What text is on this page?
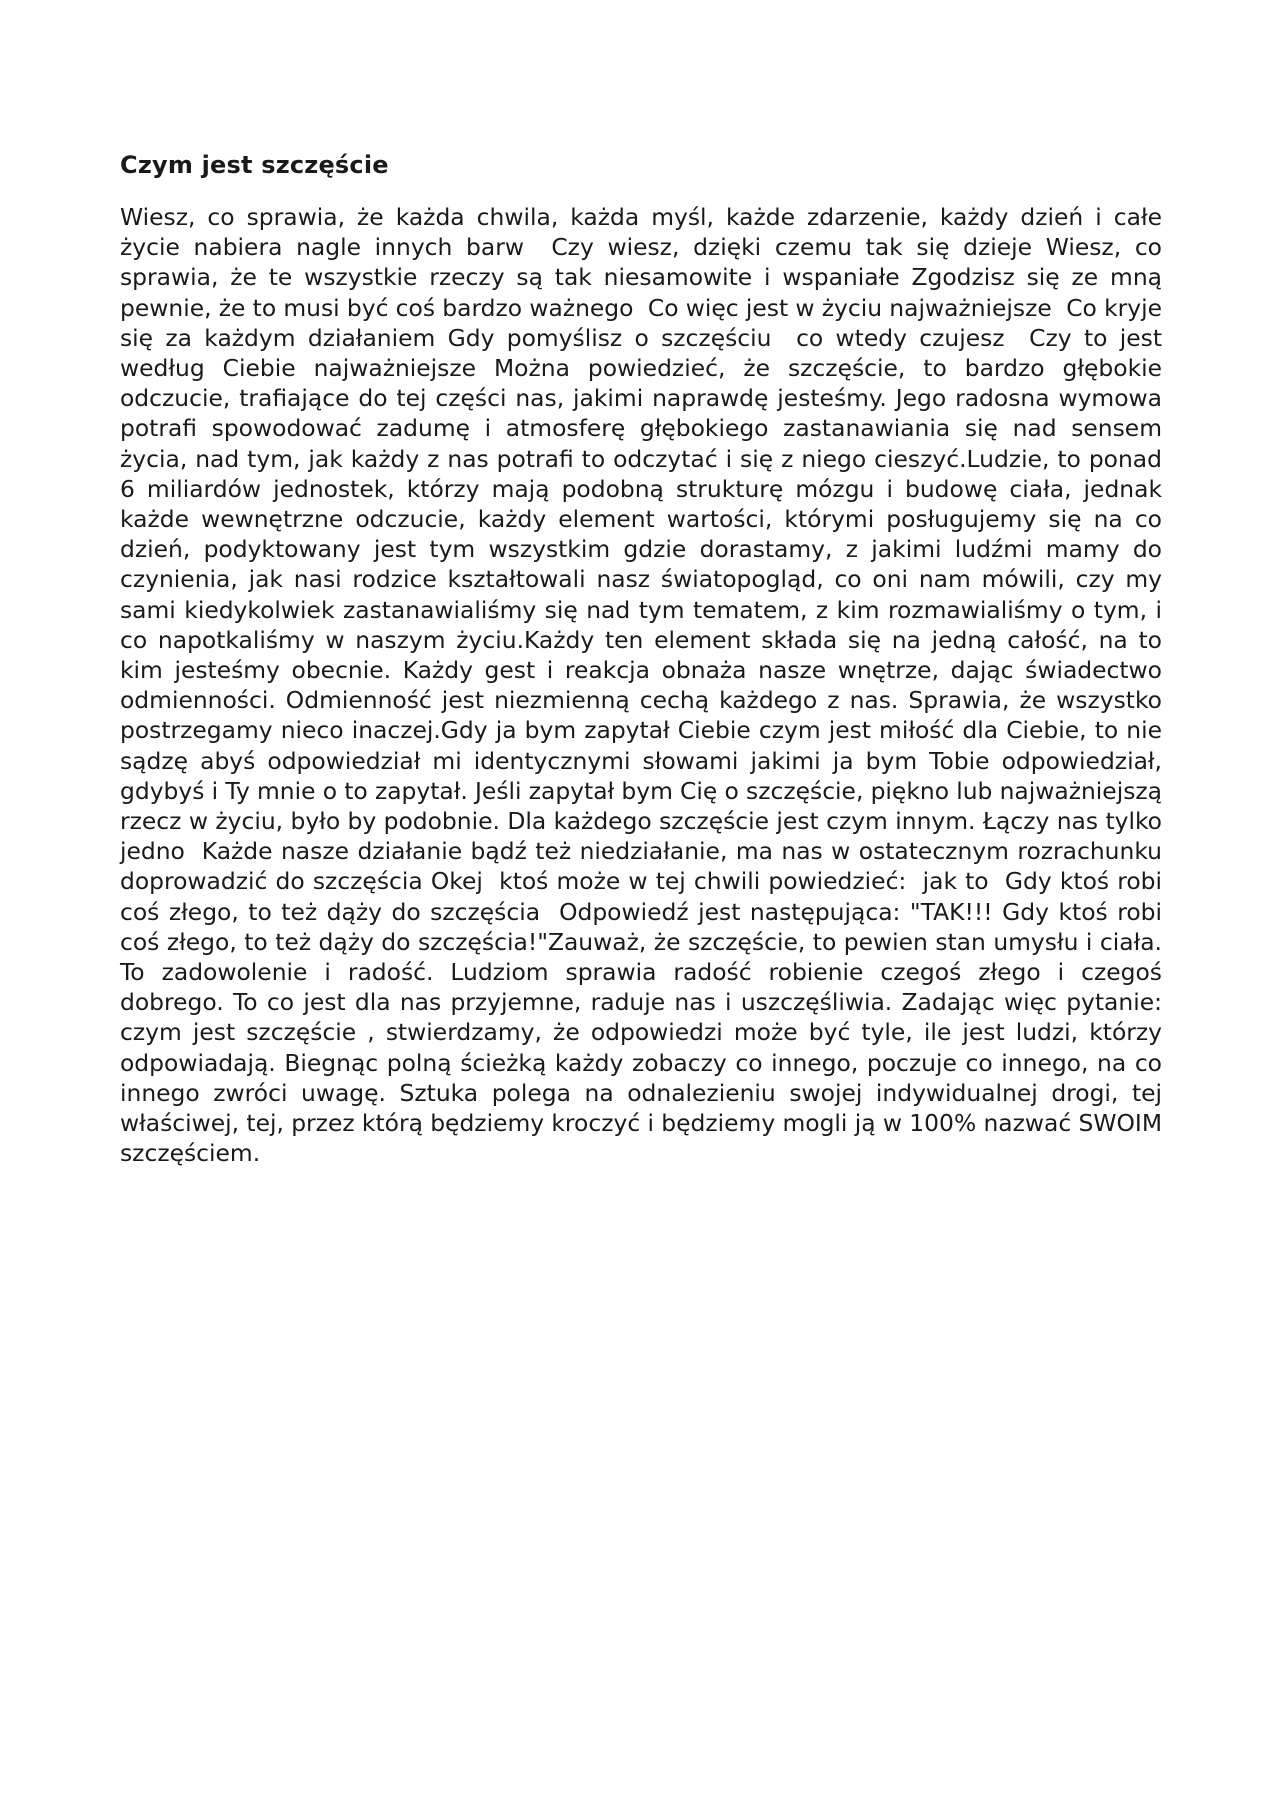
Czym jest szczęście

Wiesz, co sprawia, że każda chwila, każda myśl, każde zdarzenie, każdy dzień i całe życie nabiera nagle innych barw  Czy wiesz, dzięki czemu tak się dzieje Wiesz, co sprawia, że te wszystkie rzeczy są tak niesamowite i wspaniałe Zgodzisz się ze mną pewnie, że to musi być coś bardzo ważnego  Co więc jest w życiu najważniejsze  Co kryje się za każdym działaniem Gdy pomyślisz o szczęściu  co wtedy czujesz  Czy to jest według Ciebie najważniejsze Można powiedzieć, że szczęście, to bardzo głębokie odczucie, trafiające do tej części nas, jakimi naprawdę jesteśmy. Jego radosna wymowa potrafi spowodować zadumę i atmosferę głębokiego zastanawiania się nad sensem życia, nad tym, jak każdy z nas potrafi to odczytać i się z niego cieszyć.Ludzie, to ponad 6 miliardów jednostek, którzy mają podobną strukturę mózgu i budowę ciała, jednak każde wewnętrzne odczucie, każdy element wartości, którymi posługujemy się na co dzień, podyktowany jest tym wszystkim gdzie dorastamy, z jakimi ludźmi mamy do czynienia, jak nasi rodzice kształtowali nasz światopogląd, co oni nam mówili, czy my sami kiedykolwiek zastanawialiśmy się nad tym tematem, z kim rozmawialiśmy o tym, i co napotkaliśmy w naszym życiu.Każdy ten element składa się na jedną całość, na to kim jesteśmy obecnie. Każdy gest i reakcja obnaża nasze wnętrze, dając świadectwo odmienności. Odmienność jest niezmienną cechą każdego z nas. Sprawia, że wszystko postrzegamy nieco inaczej.Gdy ja bym zapytał Ciebie czym jest miłość dla Ciebie, to nie sądzę abyś odpowiedział mi identycznymi słowami jakimi ja bym Tobie odpowiedział, gdybyś i Ty mnie o to zapytał. Jeśli zapytał bym Cię o szczęście, piękno lub najważniejszą rzecz w życiu, było by podobnie. Dla każdego szczęście jest czym innym. Łączy nas tylko jedno  Każde nasze działanie bądź też niedziałanie, ma nas w ostatecznym rozrachunku doprowadzić do szczęścia Okej  ktoś może w tej chwili powiedzieć:  jak to  Gdy ktoś robi coś złego, to też dąży do szczęścia  Odpowiedź jest następująca: "TAK!!! Gdy ktoś robi coś złego, to też dąży do szczęścia!"Zauważ, że szczęście, to pewien stan umysłu i ciała. To zadowolenie i radość. Ludziom sprawia radość robienie czegoś złego i czegoś dobrego. To co jest dla nas przyjemne, raduje nas i uszczęśliwia. Zadając więc pytanie:   czym jest szczęście , stwierdzamy, że odpowiedzi może być tyle, ile jest ludzi, którzy odpowiadają. Biegnąc polną ścieżką każdy zobaczy co innego, poczuje co innego, na co innego zwróci uwagę. Sztuka polega na odnalezieniu swojej indywidualnej drogi, tej właściwej, tej, przez którą będziemy kroczyć i będziemy mogli ją w 100% nazwać SWOIM szczęściem.
